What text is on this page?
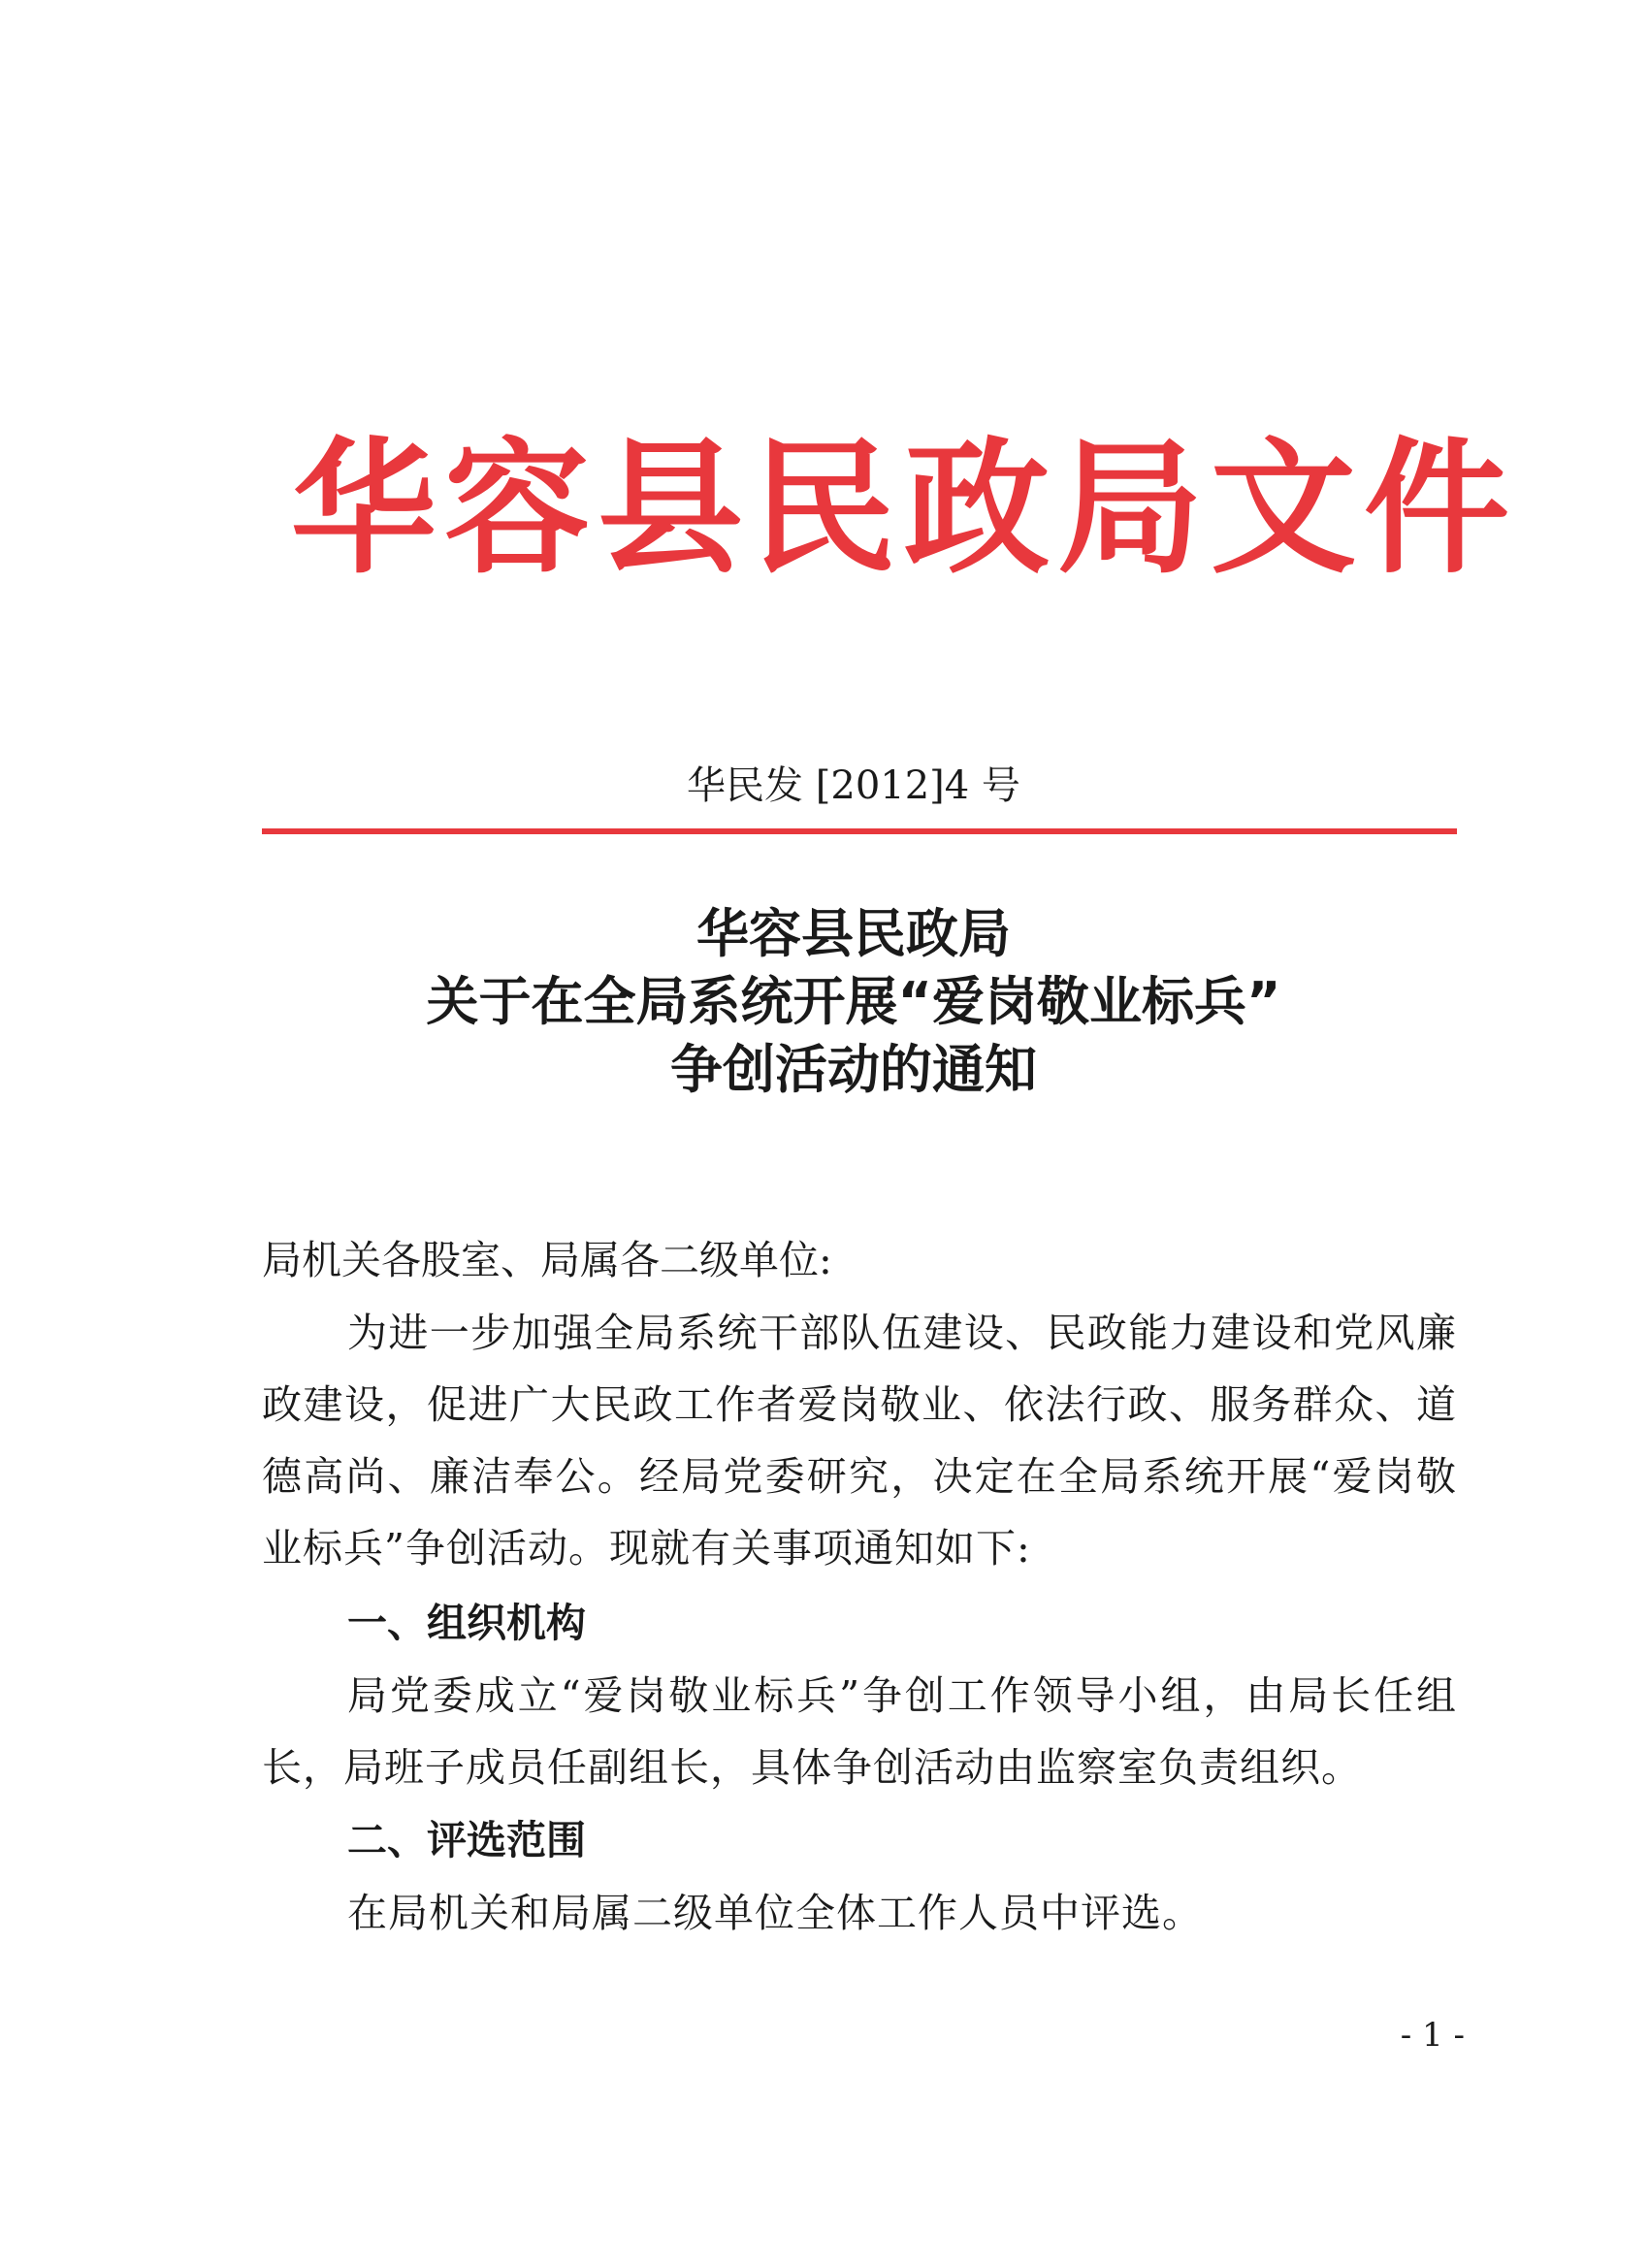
华容县民政局文件
华民发 [2012]4 号
华容县民政局
关于在全局系统开展“爱岗敬业标兵”
争创活动的通知
局机关各股室、局属各二级单位:
为进一步加强全局系统干部队伍建设、民政能力建设和党风廉政建设，促进广大民政工作者爱岗敬业、依法行政、服务群众、道德高尚、廉洁奉公。经局党委研究，决定在全局系统开展“爱岗敬业标兵”争创活动。现就有关事项通知如下:
一、组织机构
局党委成立“爱岗敬业标兵”争创工作领导小组，由局长任组长，局班子成员任副组长，具体争创活动由监察室负责组织。
二、评选范围
在局机关和局属二级单位全体工作人员中评选。
- 1 -
